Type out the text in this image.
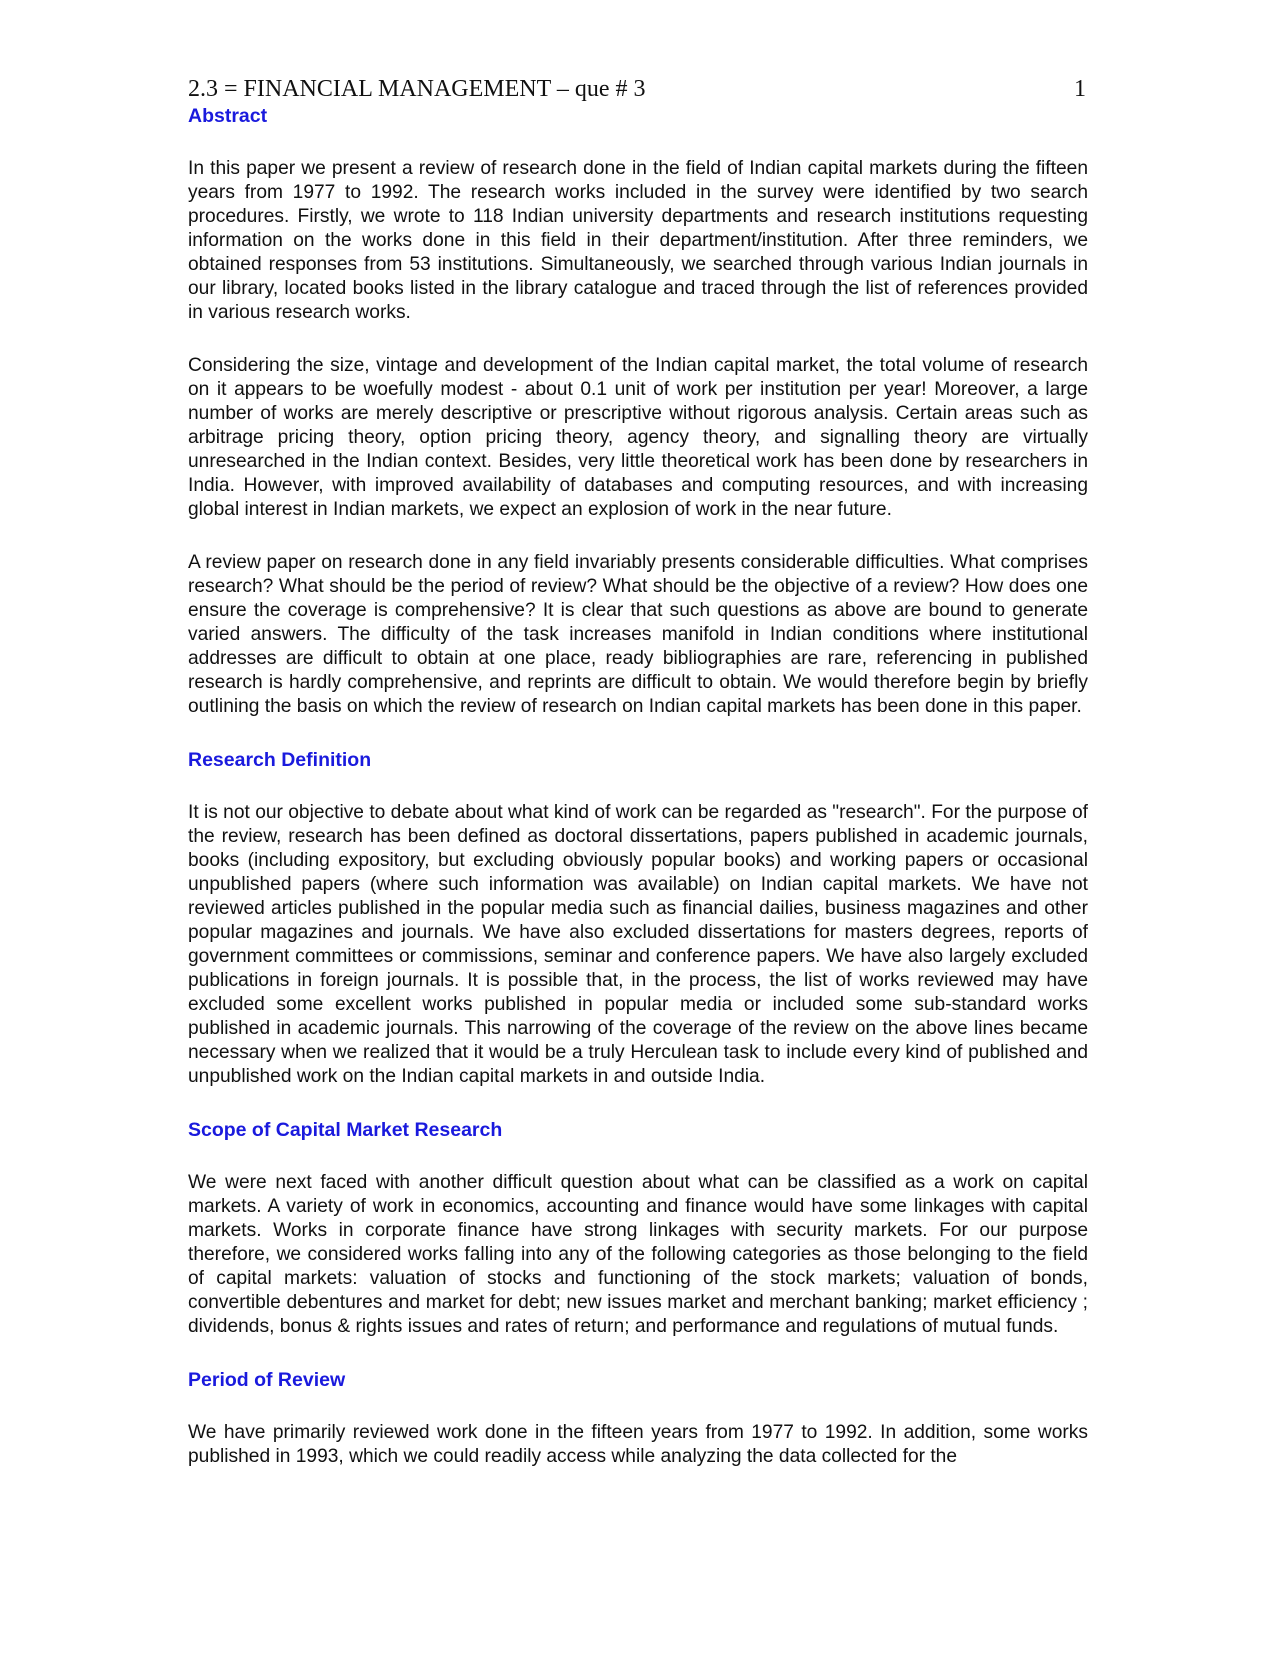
2.3 = FINANCIAL MANAGEMENT – que # 3	1
Abstract

In this paper we present a review of research done in the field of Indian capital markets during the fifteen years from 1977 to 1992. The research works included in the survey were identified by two search procedures. Firstly, we wrote to 118 Indian university departments and research institutions requesting information on the works done in this field in their department/institution. After three reminders, we obtained responses from 53 institutions. Simultaneously, we searched through various Indian journals in our library, located books listed in the library catalogue and traced through the list of references provided in various research works.

Considering the size, vintage and development of the Indian capital market, the total volume of research on it appears to be woefully modest - about 0.1 unit of work per institution per year! Moreover, a large number of works are merely descriptive or prescriptive without rigorous analysis. Certain areas such as arbitrage pricing theory, option pricing theory, agency theory, and signalling theory are virtually unresearched in the Indian context. Besides, very little theoretical work has been done by researchers in India. However, with improved availability of databases and computing resources, and with increasing global interest in Indian markets, we expect an explosion of work in the near future.

A review paper on research done in any field invariably presents considerable difficulties. What comprises research? What should be the period of review? What should be the objective of a review? How does one ensure the coverage is comprehensive? It is clear that such questions as above are bound to generate varied answers. The difficulty of the task increases manifold in Indian conditions where institutional addresses are difficult to obtain at one place, ready bibliographies are rare, referencing in published research is hardly comprehensive, and reprints are difficult to obtain. We would therefore begin by briefly outlining the basis on which the review of research on Indian capital markets has been done in this paper.

Research Definition

It is not our objective to debate about what kind of work can be regarded as "research". For the purpose of the review, research has been defined as doctoral dissertations, papers published in academic journals, books (including expository, but excluding obviously popular books) and working papers or occasional unpublished papers (where such information was available) on Indian capital markets. We have not reviewed articles published in the popular media such as financial dailies, business magazines and other popular magazines and journals. We have also excluded dissertations for masters degrees, reports of government committees or commissions, seminar and conference papers. We have also largely excluded publications in foreign journals. It is possible that, in the process, the list of works reviewed may have excluded some excellent works published in popular media or included some sub-standard works published in academic journals. This narrowing of the coverage of the review on the above lines became necessary when we realized that it would be a truly Herculean task to include every kind of published and unpublished work on the Indian capital markets in and outside India.

Scope of Capital Market Research

We were next faced with another difficult question about what can be classified as a work on capital markets. A variety of work in economics, accounting and finance would have some linkages with capital markets. Works in corporate finance have strong linkages with security markets. For our purpose therefore, we considered works falling into any of the following categories as those belonging to the field of capital markets: valuation of stocks and functioning of the stock markets; valuation of bonds, convertible debentures and market for debt; new issues market and merchant banking; market efficiency ; dividends, bonus & rights issues and rates of return; and performance and regulations of mutual funds.

Period of Review

We have primarily reviewed work done in the fifteen years from 1977 to 1992. In addition, some works published in 1993, which we could readily access while analyzing the data collected for the
